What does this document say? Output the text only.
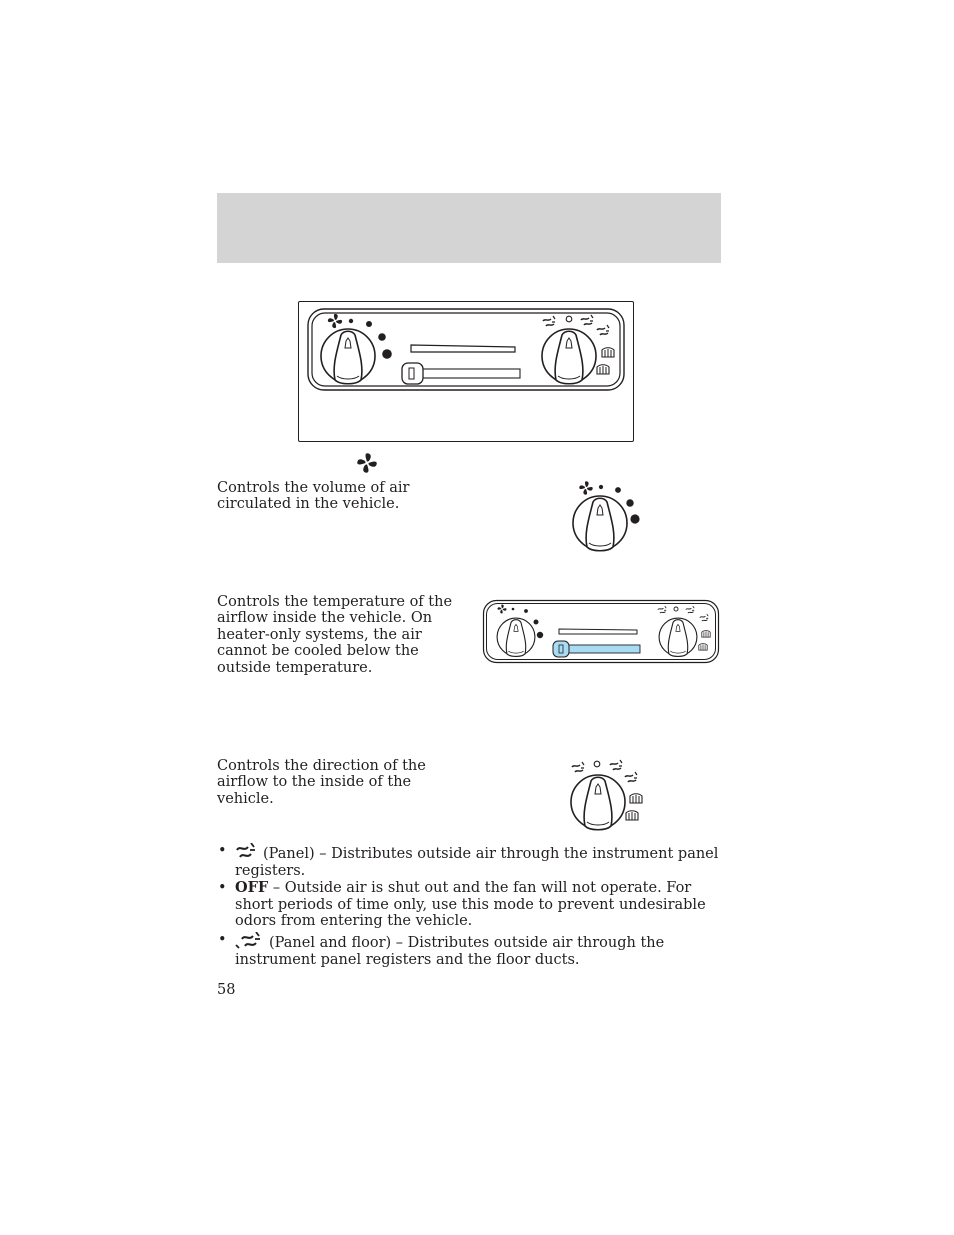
Controls the volume of air circulated in the vehicle.
Controls the temperature of the airflow inside the vehicle. On heater-only systems, the air cannot be cooled below the outside temperature.
Controls the direction of the airflow to the inside of the vehicle.
•	(Panel) – Distributes outside air through the instrument panel registers.
• OFF – Outside air is shut out and the fan will not operate. For short periods of time only, use this mode to prevent undesirable odors from entering the vehicle.
•	(Panel and floor) – Distributes outside air through the instrument panel registers and the floor ducts.
58
